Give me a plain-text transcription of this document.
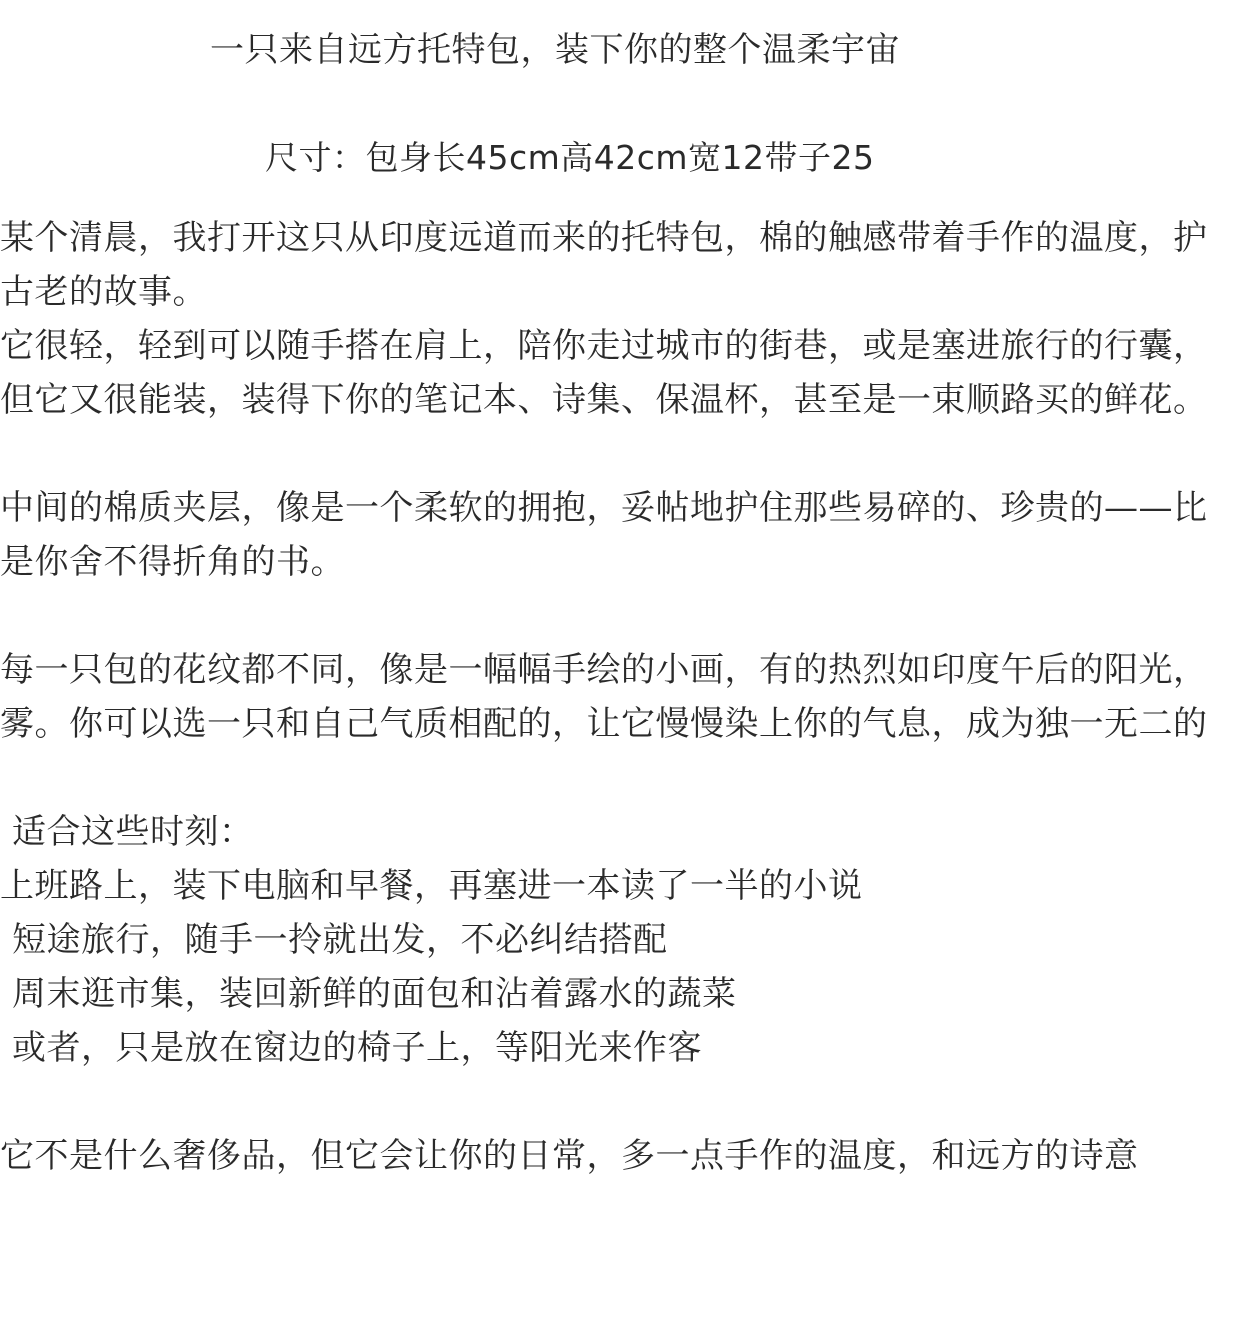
一只来自远方托特包，装下你的整个温柔宇宙
尺寸：包身长45cm高42cm宽12带子25
某个清晨，我打开这只从印度远道而来的托特包，棉的触感带着手作的温度，护
古老的故事。
它很轻，轻到可以随手搭在肩上，陪你走过城市的街巷，或是塞进旅行的行囊，
但它又很能装，装得下你的笔记本、诗集、保温杯，甚至是一束顺路买的鲜花。
中间的棉质夹层，像是一个柔软的拥抱，妥帖地护住那些易碎的、珍贵的——比
是你舍不得折角的书。
每一只包的花纹都不同，像是一幅幅手绘的小画，有的热烈如印度午后的阳光，
雾。你可以选一只和自己气质相配的，让它慢慢染上你的气息，成为独一无二的
适合这些时刻：
上班路上，装下电脑和早餐，再塞进一本读了一半的小说
短途旅行，随手一拎就出发，不必纠结搭配
周末逛市集，装回新鲜的面包和沾着露水的蔬菜
或者，只是放在窗边的椅子上，等阳光来作客
它不是什么奢侈品，但它会让你的日常，多一点手作的温度，和远方的诗意
